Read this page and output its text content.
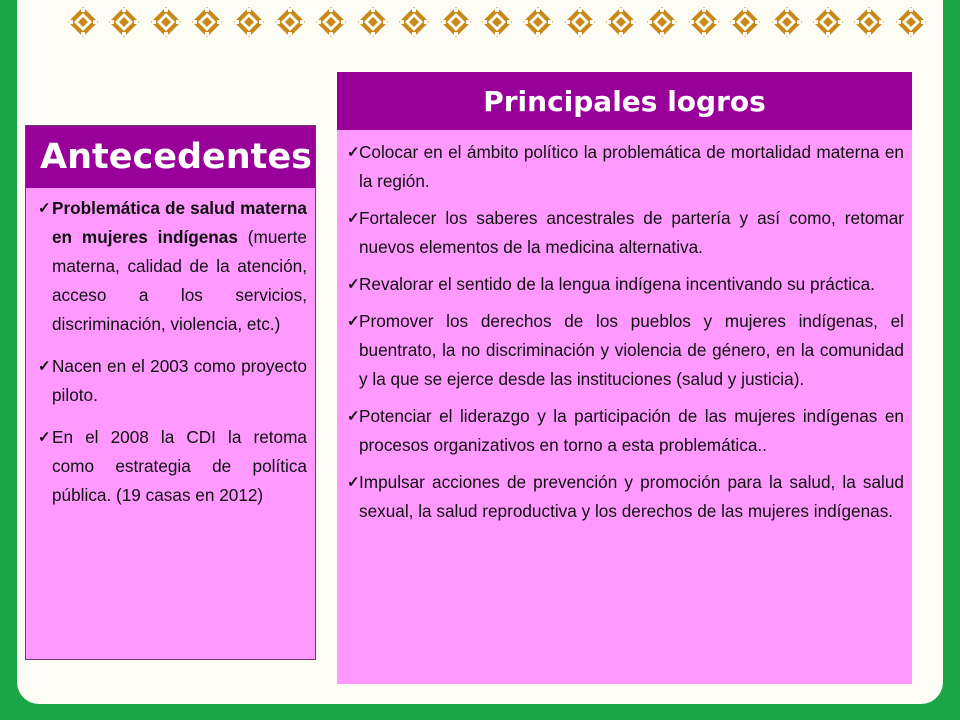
Antecedentes
✓ Problemática de salud materna en mujeres indígenas (muerte materna, calidad de la atención, acceso a los servicios, discriminación, violencia, etc.)
✓ Nacen en el 2003 como proyecto piloto.
✓ En el 2008 la CDI la retoma como estrategia de política pública. (19 casas en 2012)
Principales logros
✓ Colocar en el ámbito político la problemática de mortalidad materna en la región.
✓ Fortalecer los saberes ancestrales de partería y así como, retomar nuevos elementos de la medicina alternativa.
✓ Revalorar el sentido de la lengua indígena incentivando su práctica.
✓ Promover los derechos de los pueblos y mujeres indígenas, el buentrato, la no discriminación y violencia de género, en la comunidad y la que se ejerce desde las instituciones (salud y justicia).
✓ Potenciar el liderazgo y la participación de las mujeres indígenas en procesos organizativos en torno a esta problemática..
✓ Impulsar acciones de prevención y promoción para la salud, la salud sexual, la salud reproductiva y los derechos de las mujeres indígenas.
